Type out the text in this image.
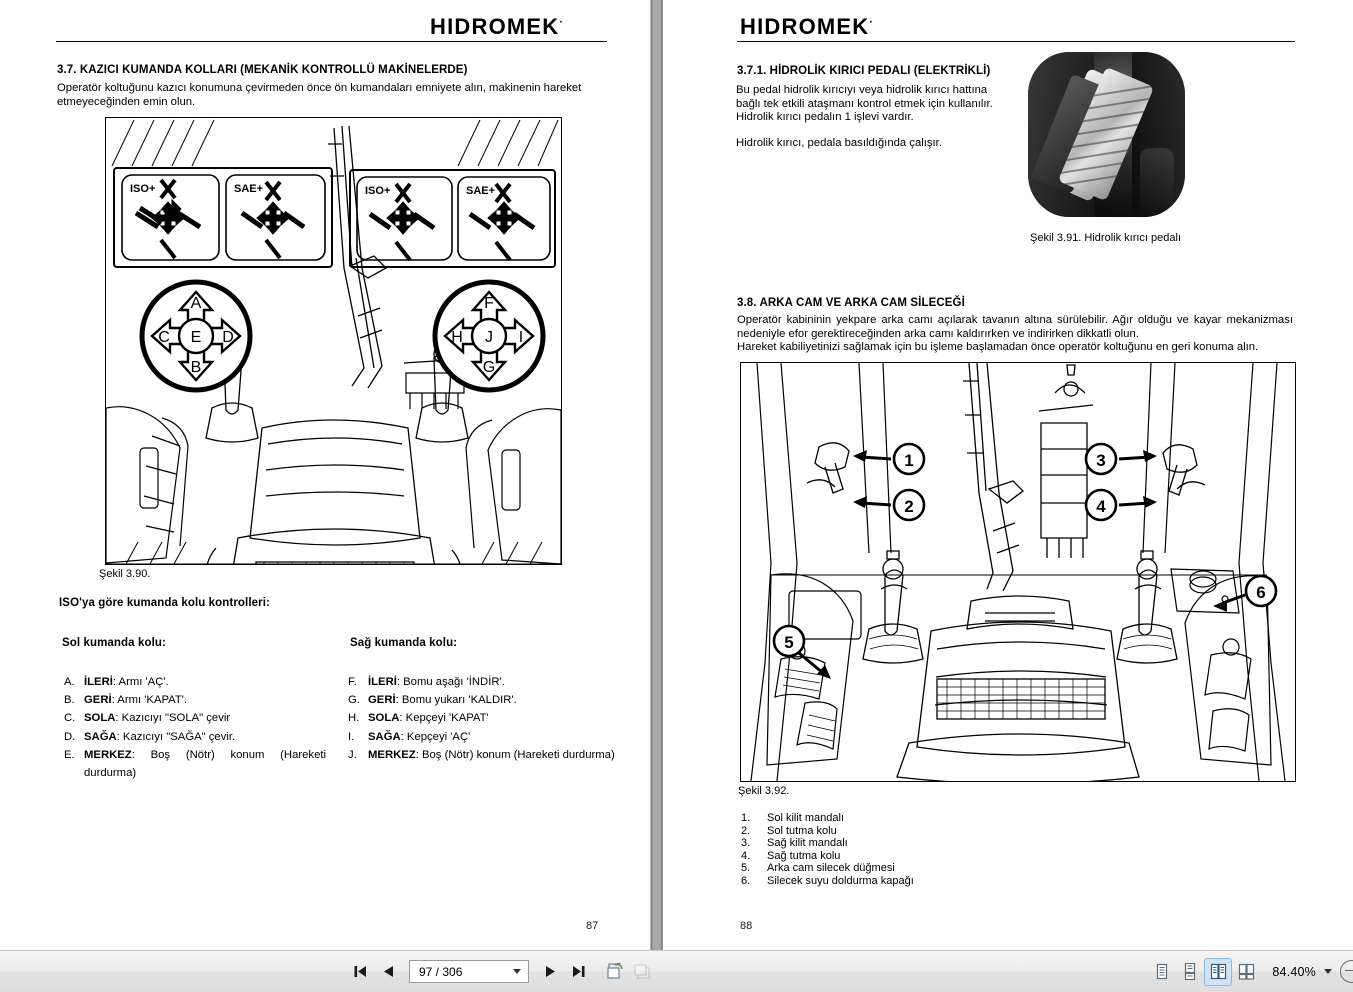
HIDROMEK·
3.7. KAZICI KUMANDA KOLLARI (MEKANİK KONTROLLÜ MAKİNELERDE)
Operatör koltuğunu kazıcı konumuna çevirmeden önce ön kumandaları emniyete alın, makinenin hareket etmeyeceğinden emin olun.
A
B
C	D
E
F
G
H	I
J
ISO+	SAE+	ISO+	SAE+
Şekil 3.90.
ISO'ya göre kumanda kolu kontrolleri:
Sol kumanda kolu:	Sağ kumanda kolu:
A. İLERİ: Armı 'AÇ'.
B. GERİ: Armı 'KAPAT'.
C. SOLA: Kazıcıyı "SOLA" çevir
D. SAĞA: Kazıcıyı "SAĞA" çevir.
E. MERKEZ: Boş (Nötr) konum (Hareketi durdurma)
F. İLERİ: Bomu aşağı 'İNDİR'.
G. GERİ: Bomu yukarı 'KALDIR'.
H. SOLA: Kepçeyi 'KAPAT'
I.	SAĞA: Kepçeyi 'AÇ'
J. MERKEZ: Boş (Nötr) konum (Hareketi durdurma)
87
HIDROMEK·
3.7.1. HİDROLİK KIRICI PEDALI (ELEKTRİKLİ)
Bu pedal hidrolik kırıcıyı veya hidrolik kırıcı hattına bağlı tek etkili ataşmanı kontrol etmek için kullanılır. Hidrolik kırıcı pedalın 1 işlevi vardır.
Hidrolik kırıcı, pedala basıldığında çalışır.
Şekil 3.91. Hidrolik kırıcı pedalı
3.8. ARKA CAM VE ARKA CAM SİLECEĞİ
Operatör kabininin yekpare arka camı açılarak tavanın altına sürülebilir. Ağır olduğu ve kayar mekanizması nedeniyle efor gerektireceğinden arka camı kaldırırken ve indirirken dikkatli olun.
Hareket kabiliyetinizi sağlamak için bu işleme başlamadan önce operatör koltuğunu en geri konuma alın.
1
2
3
4
5
6
Şekil 3.92.
1.	Sol kilit mandalı
2.	Sol tutma kolu
3.	Sağ kilit mandalı
4.	Sağ tutma kolu
5.	Arka cam silecek düğmesi
6.	Silecek suyu doldurma kapağı
88
97 / 306
84.40%
